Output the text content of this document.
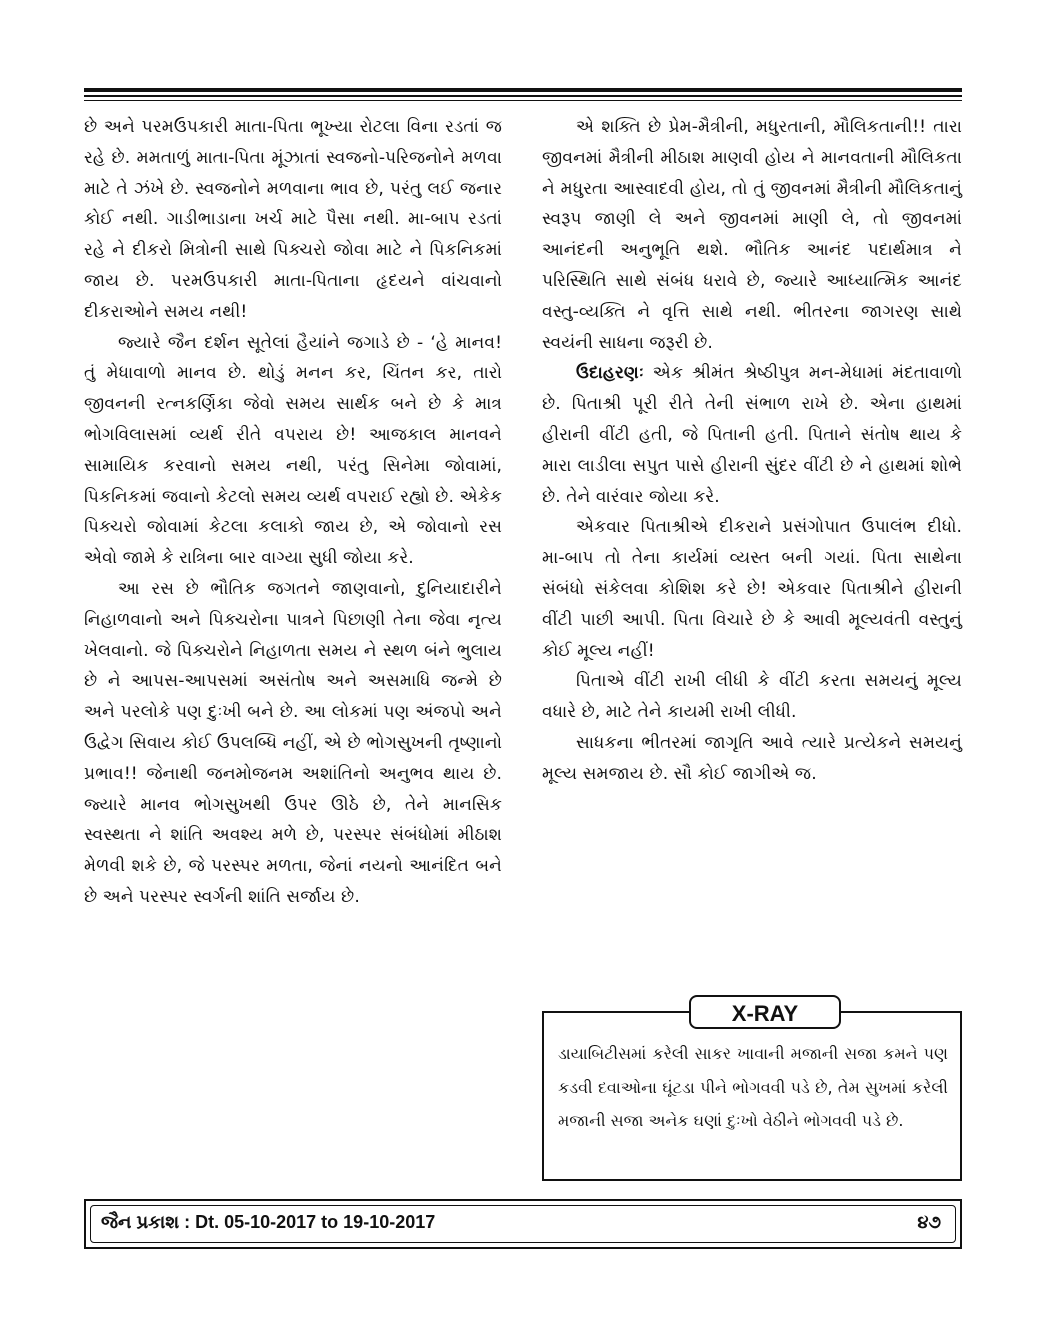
છે અને પરમઉપકારી માતા-પિતા ભૂખ્યા રોટલા વિના રડતાં જ રહે છે. મમતાળું માતા-પિતા મૂંઝાતાં સ્વજનો-પરિજનોને મળવા માટે તે ઝંખે છે. સ્વજનોને મળવાના ભાવ છે, પરંતુ લઈ જનાર કોઈ નથી. ગાડીભાડાના ખર્ચ માટે પૈસા નથી. મા-બાપ રડતાં રહે ને દીકરો મિત્રોની સાથે પિક્ચરો જોવા માટે ને પિકનિકમાં જાય છે. પરમઉપકારી માતા-પિતાના હૃદયને વાંચવાનો દીકરાઓને સમય નથી!

જ્યારે જૈન દર્શન સૂતેલાં હૈયાંને જગાડે છે - ‘હે માનવ! તું મેધાવાળો માનવ છે. થોડું મનન કર, ચિંતન કર, તારો જીવનની રત્નકર્ણિકા જેવો સમય સાર્થક બને છે કે માત્ર ભોગવિલાસમાં વ્યર્થ રીતે વપરાય છે! આજકાલ માનવને સામાયિક કરવાનો સમય નથી, પરંતુ સિનેમા જોવામાં, પિકનિકમાં જવાનો કેટલો સમય વ્યર્થ વપરાઈ રહ્યો છે. એકેક પિક્ચરો જોવામાં કેટલા કલાકો જાય છે, એ જોવાનો રસ એવો જામે કે રાત્રિના બાર વાગ્યા સુધી જોયા કરે.

આ રસ છે ભૌતિક જગતને જાણવાનો, દુનિયાદારીને નિહાળવાનો અને પિક્ચરોના પાત્રને પિછાણી તેના જેવા નૃત્ય ખેલવાનો. જે પિક્ચરોને નિહાળતા સમય ને સ્થળ બંને ભુલાય છે ને આપસ-આપસમાં અસંતોષ અને અસમાધિ જન્મે છે અને પરલોકે પણ દુઃખી બને છે. આ લોકમાં પણ અંજપો અને ઉદ્વેગ સિવાય કોઈ ઉપલબ્ધિ નહીં, એ છે ભોગસુખની તૃષ્ણાનો પ્રભાવ!! જેનાથી જનમોજનમ અશાંતિનો અનુભવ થાય છે. જ્યારે માનવ ભોગસુખથી ઉપર ઊઠે છે, તેને માનસિક સ્વસ્થતા ને શાંતિ અવશ્ય મળે છે, પરસ્પર સંબંધોમાં મીઠાશ મેળવી શકે છે, જે પરસ્પર મળતા, જેનાં નયનો આનંદિત બને છે અને પરસ્પર સ્વર્ગની શાંતિ સર્જાય છે.

એ શક્તિ છે પ્રેમ-મૈત્રીની, મધુરતાની, મૌલિકતાની!! તારા જીવનમાં મૈત્રીની મીઠાશ માણવી હોય ને માનવતાની મૌલિકતા ને મધુરતા આસ્વાદવી હોય, તો તું જીવનમાં મૈત્રીની મૌલિકતાનું સ્વરૂપ જાણી લે અને જીવનમાં માણી લે, તો જીવનમાં આનંદની અનુભૂતિ થશે. ભૌતિક આનંદ પદાર્થમાત્ર ને પરિસ્થિતિ સાથે સંબંધ ધરાવે છે, જ્યારે આધ્યાત્મિક આનંદ વસ્તુ-વ્યક્તિ ને વૃત્તિ સાથે નથી. ભીતરના જાગરણ સાથે સ્વયંની સાધના જરૂરી છે.

ઉદાહરણઃ એક શ્રીમંત શ્રેષ્ઠીપુત્ર મન-મેધામાં મંદતાવાળો છે. પિતાશ્રી પૂરી રીતે તેની સંભાળ રાખે છે. એના હાથમાં હીરાની વીંટી હતી, જે પિતાની હતી. પિતાને સંતોષ થાય કે મારા લાડીલા સપુત પાસે હીરાની સુંદર વીંટી છે ને હાથમાં શોભે છે. તેને વારંવાર જોયા કરે.

એકવાર પિતાશ્રીએ દીકરાને પ્રસંગોપાત ઉપાલંભ દીધો. મા-બાપ તો તેના કાર્યમાં વ્યસ્ત બની ગયાં. પિતા સાથેના સંબંધો સંકેલવા કોશિશ કરે છે! એકવાર પિતાશ્રીને હીરાની વીંટી પાછી આપી. પિતા વિચારે છે કે આવી મૂલ્યવંતી વસ્તુનું કોઈ મૂલ્ય નહીં!

પિતાએ વીંટી રાખી લીધી કે વીંટી કરતા સમયનું મૂલ્ય વધારે છે, માટે તેને કાયમી રાખી લીધી.

સાધકના ભીતરમાં જાગૃતિ આવે ત્યારે પ્રત્યેકને સમયનું મૂલ્ય સમજાય છે. સૌ કોઈ જાગીએ જ.

X-RAY

ડાયાબિટીસમાં કરેલી સાકર ખાવાની મજાની સજા કમને પણ કડવી દવાઓના ઘૂંટડા પીને ભોગવવી પડે છે, તેમ સુખમાં કરેલી મજાની સજા અનેક ઘણાં દુઃખો વેઠીને ભોગવવી પડે છે.

જૈન પ્રકાશ : Dt. 05-10-2017 to 19-10-2017	૪૭
